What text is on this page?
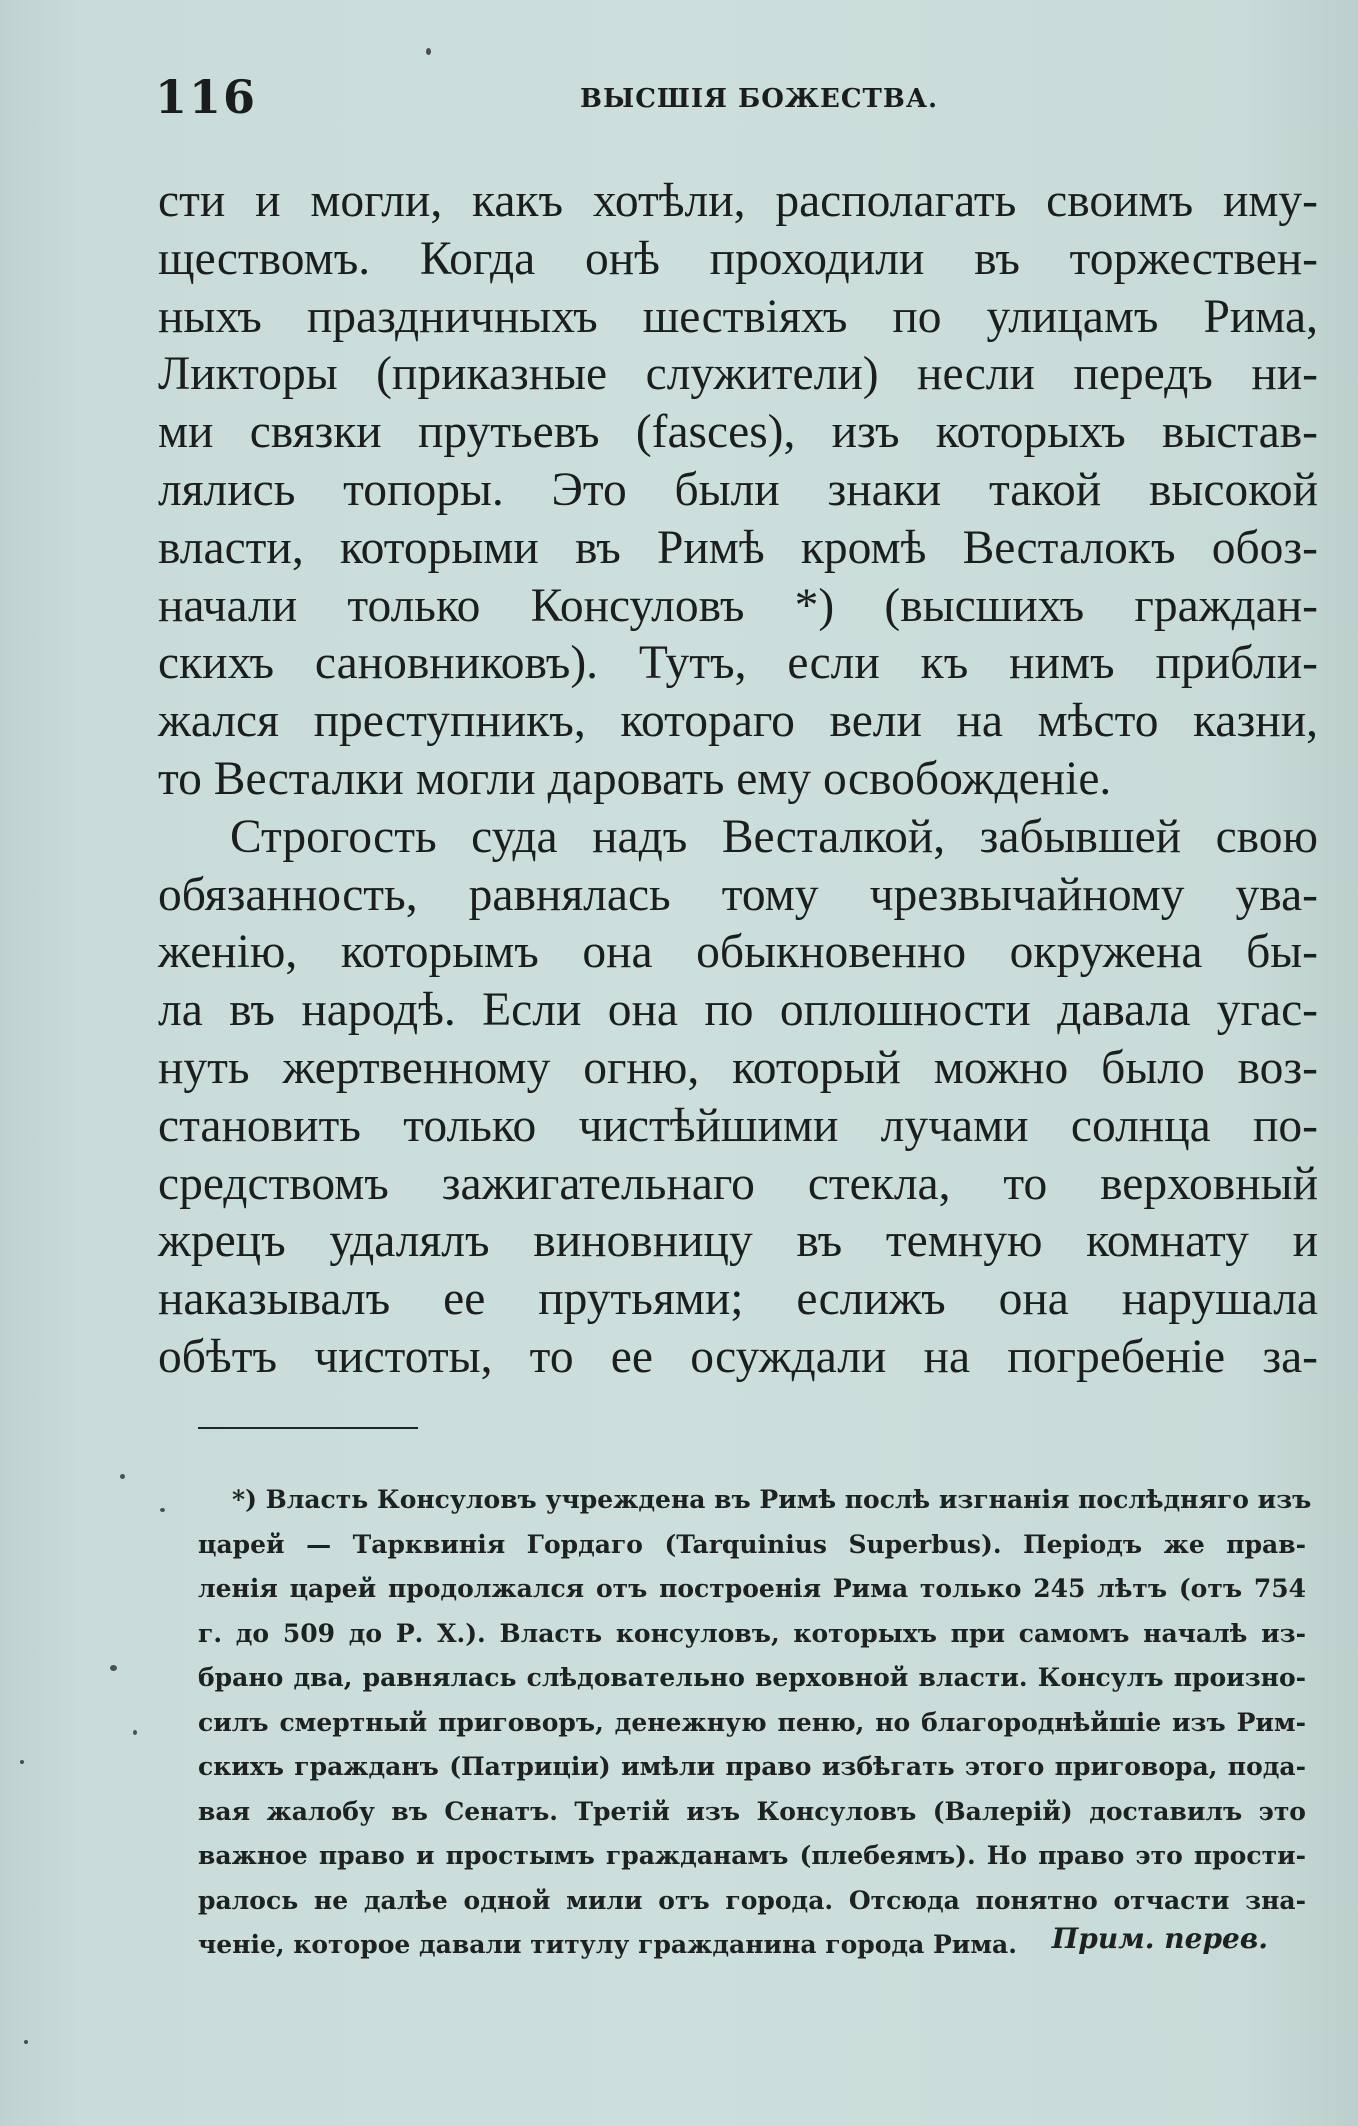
116	ВЫСШІЯ БОЖЕСТВА.
сти и могли, какъ хотѣли, располагать своимъ иму-
ществомъ. Когда онѣ проходили въ торжествен-
ныхъ праздничныхъ шествіяхъ по улицамъ Рима,
Ликторы (приказные служители) несли передъ ни-
ми связки прутьевъ (fasces), изъ которыхъ выстав-
лялись топоры. Это были знаки такой высокой
власти, которыми въ Римѣ кромѣ Весталокъ обоз-
начали только Консуловъ *) (высшихъ граждан-
скихъ сановниковъ). Тутъ, если къ нимъ прибли-
жался преступникъ, котораго вели на мѣсто казни,
то Весталки могли даровать ему освобожденіе.
Строгость суда надъ Весталкой, забывшей свою
обязанность, равнялась тому чрезвычайному ува-
женію, которымъ она обыкновенно окружена бы-
ла въ народѣ. Если она по оплошности давала угас-
нуть жертвенному огню, который можно было воз-
становить только чистѣйшими лучами солнца по-
средствомъ зажигательнаго стекла, то верховный
жрецъ удалялъ виновницу въ темную комнату и
наказывалъ ее прутьями; еслижъ она нарушала
обѣтъ чистоты, то ее осуждали на погребеніе за-
*) Власть Консуловъ учреждена въ Римѣ послѣ изгнанія послѣдняго изъ
царей — Тарквинія Гордаго (Tarquinius Superbus). Періодъ же прав-
ленія царей продолжался отъ построенія Рима только 245 лѣтъ (отъ 754
г. до 509 до Р. Х.). Власть консуловъ, которыхъ при самомъ началѣ из-
брано два, равнялась слѣдовательно верховной власти. Консулъ произно-
силъ смертный приговоръ, денежную пеню, но благороднѣйшіе изъ Рим-
скихъ гражданъ (Патриціи) имѣли право избѣгать этого приговора, пода-
вая жалобу въ Сенатъ. Третій изъ Консуловъ (Валерій) доставилъ это
важное право и простымъ гражданамъ (плебеямъ). Но право это прости-
ралось не далѣе одной мили отъ города. Отсюда понятно отчасти зна-
ченіе, которое давали титулу гражданина города Рима.	Прим. перев.
